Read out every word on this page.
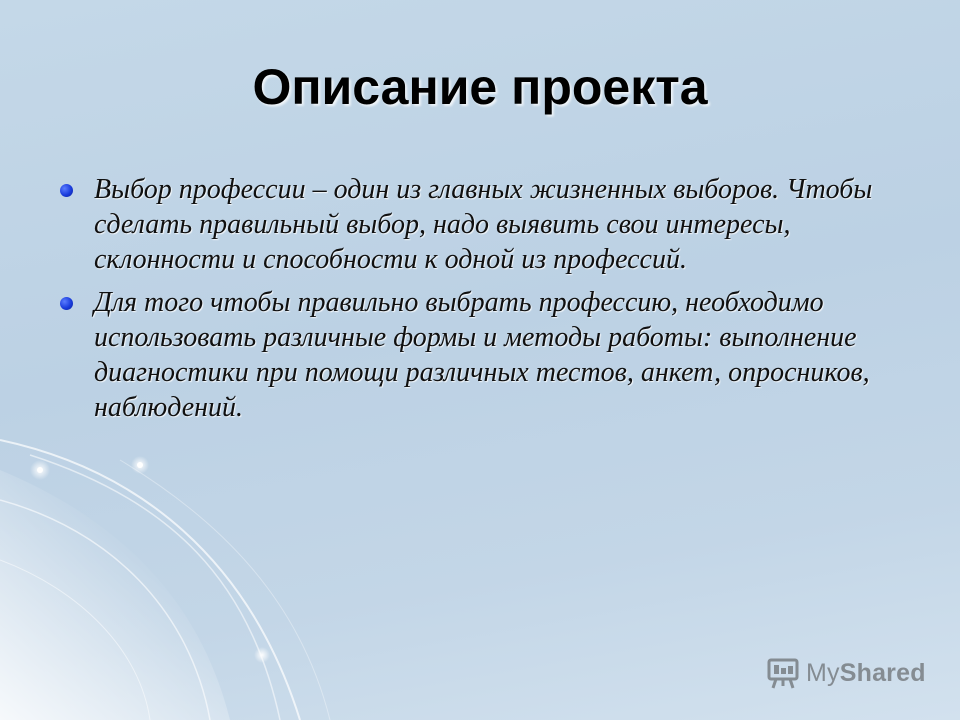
Описание проекта
Выбор профессии – один из главных жизненных выборов. Чтобы сделать правильный выбор, надо выявить свои интересы, склонности и способности к одной из профессий.
Для того чтобы правильно выбрать профессию, необходимо использовать различные формы и методы работы: выполнение диагностики при помощи различных тестов, анкет, опросников, наблюдений.
MyShared
